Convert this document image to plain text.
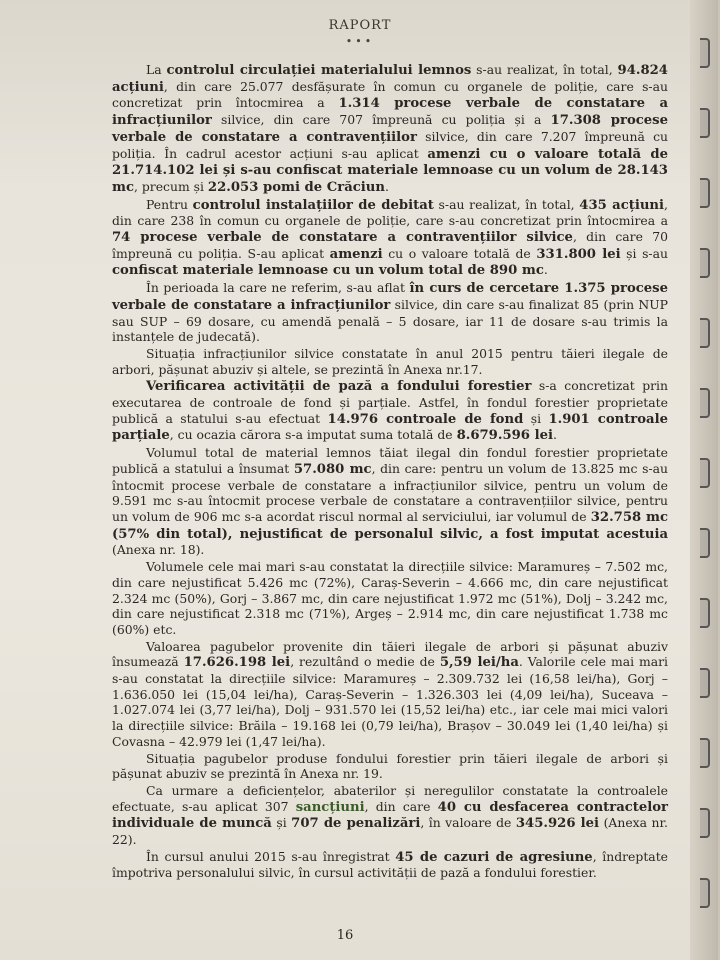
RAPORT
•••

La controlul circulației materialului lemnos s-au realizat, în total, 94.824 acțiuni, din care 25.077 desfășurate în comun cu organele de poliție, care s-au concretizat prin întocmirea a 1.314 procese verbale de constatare a infracțiunilor silvice, din care 707 împreună cu poliția și a 17.308 procese verbale de constatare a contravențiilor silvice, din care 7.207 împreună cu poliția. În cadrul acestor acțiuni s-au aplicat amenzi cu o valoare totală de 21.714.102 lei și s-au confiscat materiale lemnoase cu un volum de 28.143 mc, precum și 22.053 pomi de Crăciun.

Pentru controlul instalațiilor de debitat s-au realizat, în total, 435 acțiuni, din care 238 în comun cu organele de poliție, care s-au concretizat prin întocmirea a 74 procese verbale de constatare a contravențiilor silvice, din care 70 împreună cu poliția. S-au aplicat amenzi cu o valoare totală de 331.800 lei și s-au confiscat materiale lemnoase cu un volum total de 890 mc.

În perioada la care ne referim, s-au aflat în curs de cercetare 1.375 procese verbale de constatare a infracțiunilor silvice, din care s-au finalizat 85 (prin NUP sau SUP – 69 dosare, cu amendă penală – 5 dosare, iar 11 de dosare s-au trimis la instanțele de judecată).

Situația infracțiunilor silvice constatate în anul 2015 pentru tăieri ilegale de arbori, pășunat abuziv și altele, se prezintă în Anexa nr.17.

Verificarea activității de pază a fondului forestier s-a concretizat prin executarea de controale de fond și parțiale. Astfel, în fondul forestier proprietate publică a statului s-au efectuat 14.976 controale de fond și 1.901 controale parțiale, cu ocazia cărora s-a imputat suma totală de 8.679.596 lei.

Volumul total de material lemnos tăiat ilegal din fondul forestier proprietate publică a statului a însumat 57.080 mc, din care: pentru un volum de 13.825 mc s-au întocmit procese verbale de constatare a infracțiunilor silvice, pentru un volum de 9.591 mc s-au întocmit procese verbale de constatare a contravențiilor silvice, pentru un volum de 906 mc s-a acordat riscul normal al serviciului, iar volumul de 32.758 mc (57% din total), nejustificat de personalul silvic, a fost imputat acestuia (Anexa nr. 18).

Volumele cele mai mari s-au constatat la direcțiile silvice: Maramureș – 7.502 mc, din care nejustificat 5.426 mc (72%), Caraș-Severin – 4.666 mc, din care nejustificat 2.324 mc (50%), Gorj – 3.867 mc, din care nejustificat 1.972 mc (51%), Dolj – 3.242 mc, din care nejustificat 2.318 mc (71%), Argeș – 2.914 mc, din care nejustificat 1.738 mc (60%) etc.

Valoarea pagubelor provenite din tăieri ilegale de arbori și pășunat abuziv însumează 17.626.198 lei, rezultând o medie de 5,59 lei/ha. Valorile cele mai mari s-au constatat la direcțiile silvice: Maramureș – 2.309.732 lei (16,58 lei/ha), Gorj – 1.636.050 lei (15,04 lei/ha), Caraș-Severin – 1.326.303 lei (4,09 lei/ha), Suceava – 1.027.074 lei (3,77 lei/ha), Dolj – 931.570 lei (15,52 lei/ha) etc., iar cele mai mici valori la direcțiile silvice: Brăila – 19.168 lei (0,79 lei/ha), Brașov – 30.049 lei (1,40 lei/ha) și Covasna – 42.979 lei (1,47 lei/ha).

Situația pagubelor produse fondului forestier prin tăieri ilegale de arbori și pășunat abuziv se prezintă în Anexa nr. 19.

Ca urmare a deficiențelor, abaterilor și neregulilor constatate la controalele efectuate, s-au aplicat 307 sancțiuni, din care 40 cu desfacerea contractelor individuale de muncă și 707 de penalizări, în valoare de 345.926 lei (Anexa nr. 22).

În cursul anului 2015 s-au înregistrat 45 de cazuri de agresiune, îndreptate împotriva personalului silvic, în cursul activității de pază a fondului forestier.

16
